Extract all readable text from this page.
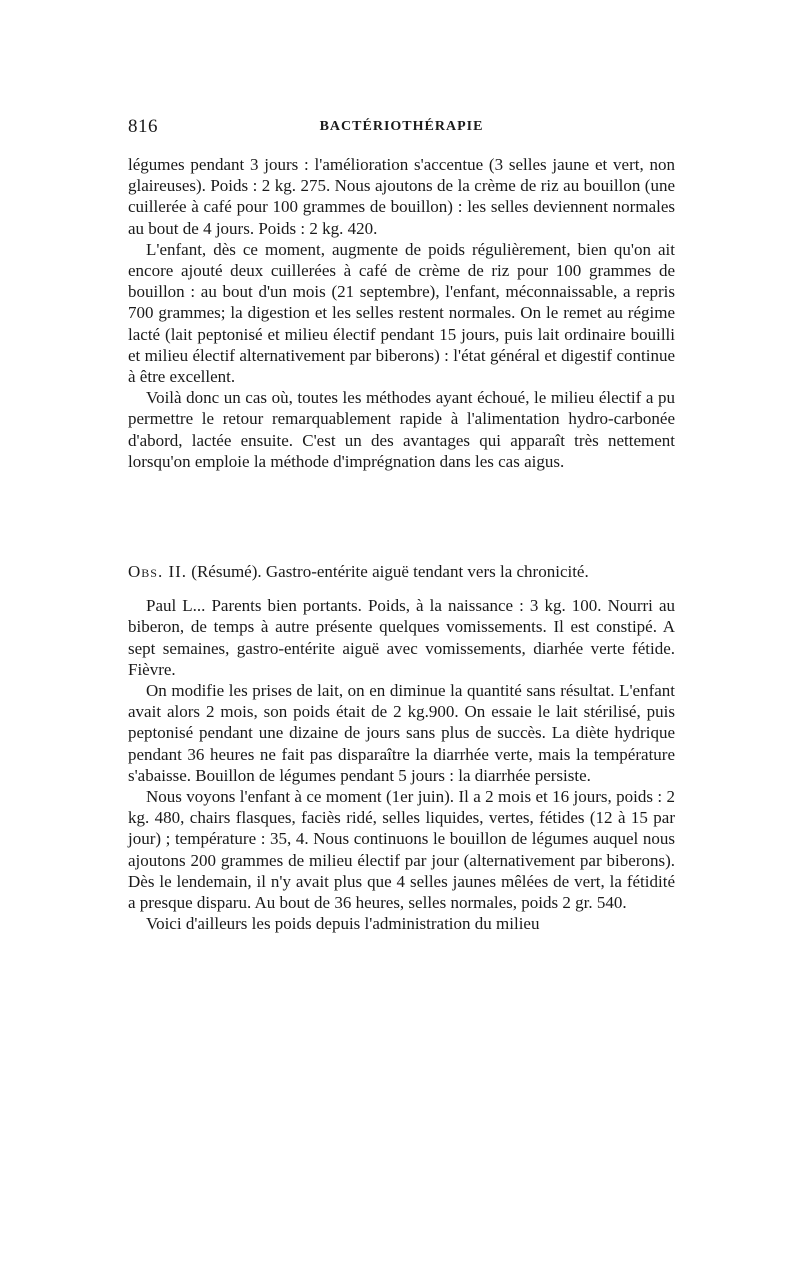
816	BACTÉRIOTHÉRAPIE

légumes pendant 3 jours : l'amélioration s'accentue (3 selles jaune et vert, non glaireuses). Poids : 2 kg. 275. Nous ajoutons de la crème de riz au bouillon (une cuillerée à café pour 100 grammes de bouillon) : les selles deviennent normales au bout de 4 jours. Poids : 2 kg. 420.

L'enfant, dès ce moment, augmente de poids régulièrement, bien qu'on ait encore ajouté deux cuillerées à café de crème de riz pour 100 grammes de bouillon : au bout d'un mois (21 septembre), l'enfant, méconnaissable, a repris 700 grammes; la digestion et les selles restent normales. On le remet au régime lacté (lait peptonisé et milieu électif pendant 15 jours, puis lait ordinaire bouilli et milieu électif alternativement par biberons) : l'état général et digestif continue à être excellent.

Voilà donc un cas où, toutes les méthodes ayant échoué, le milieu électif a pu permettre le retour remarquablement rapide à l'alimentation hydro-carbonée d'abord, lactée ensuite. C'est un des avantages qui apparaît très nettement lorsqu'on emploie la méthode d'imprégnation dans les cas aigus.

Obs. II. (Résumé). Gastro-entérite aiguë tendant vers la chronicité.

Paul L... Parents bien portants. Poids, à la naissance : 3 kg. 100. Nourri au biberon, de temps à autre présente quelques vomissements. Il est constipé. A sept semaines, gastro-entérite aiguë avec vomissements, diarhée verte fétide. Fièvre.

On modifie les prises de lait, on en diminue la quantité sans résultat. L'enfant avait alors 2 mois, son poids était de 2 kg.900. On essaie le lait stérilisé, puis peptonisé pendant une dizaine de jours sans plus de succès. La diète hydrique pendant 36 heures ne fait pas disparaître la diarrhée verte, mais la température s'abaisse. Bouillon de légumes pendant 5 jours : la diarrhée persiste.

Nous voyons l'enfant à ce moment (1er juin). Il a 2 mois et 16 jours, poids : 2 kg. 480, chairs flasques, faciès ridé, selles liquides, vertes, fétides (12 à 15 par jour) ; température : 35, 4. Nous continuons le bouillon de légumes auquel nous ajoutons 200 grammes de milieu électif par jour (alternativement par biberons). Dès le lendemain, il n'y avait plus que 4 selles jaunes mêlées de vert, la fétidité a presque disparu. Au bout de 36 heures, selles normales, poids 2 gr. 540.

Voici d'ailleurs les poids depuis l'administration du milieu
